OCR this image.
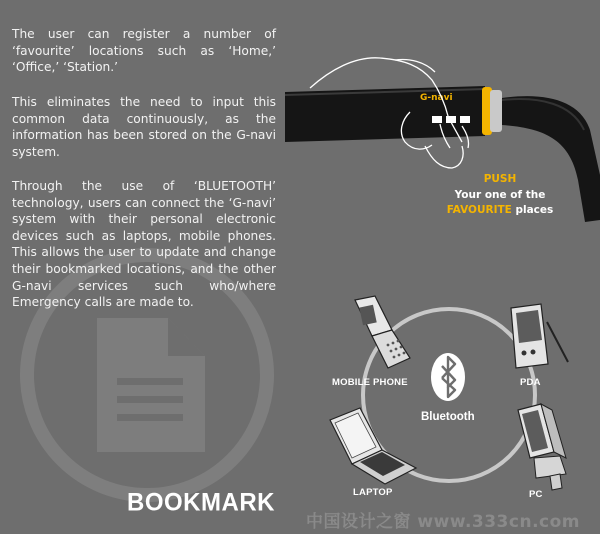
G-navi
The user can register a number of ‘favourite’ locations such as ‘Home,’ ‘Office,’ ‘Station.’
This eliminates the need to input this common data continuously, as the information has been stored on the G-navi system.
Through the use of ‘BLUETOOTH’ technology, users can connect the ‘G-navi’ system with their personal electronic devices such as laptops, mobile phones. This allows the user to update and change their bookmarked locations, and the other G-navi services such who/where Emergency calls are made to.
PUSH
Your one of the
FAVOURITE places
Bluetooth
MOBILE PHONE	PDA
LAPTOP	PC
BOOKMARK
中国设计之窗 www.333cn.com
